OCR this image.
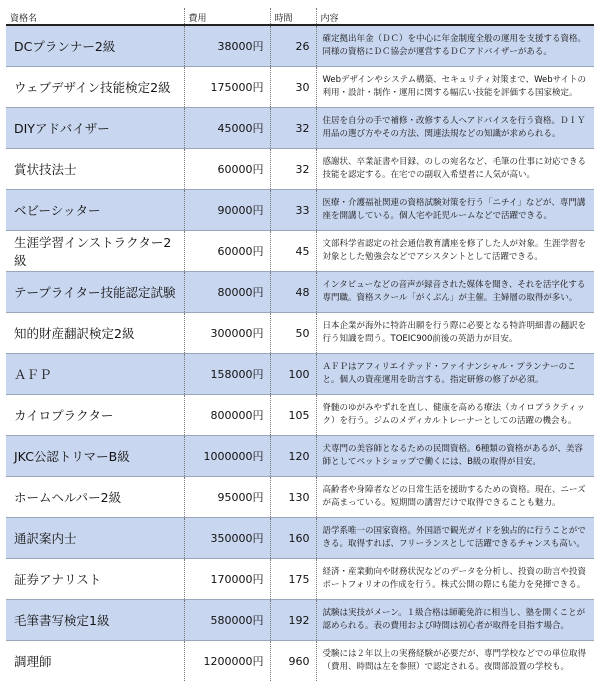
資格名	費用	時間	内容
DCプランナー2級	38000円	26	確定拠出年金（ＤＣ）を中心に年金制度全般の運用を支援する資格。同様の資格にＤＣ協会が運営するＤＣアドバイザーがある。
ウェブデザイン技能検定2級	175000円	30	Webデザインやシステム構築、セキュリティ対策まで、Webサイトの利用・設計・制作・運用に関する幅広い技能を評価する国家検定。
DIYアドバイザー	45000円	32	住居を自分の手で補修・改修する人へアドバイスを行う資格。ＤＩＹ用品の選び方やその方法、関連法規などの知識が求められる。
賞状技法士	60000円	32	感謝状、卒業証書や目録、のしの宛名など、毛筆の仕事に対応できる技能を認定する。在宅での副収入希望者に人気が高い。
ベビーシッター	90000円	33	医療・介護福祉関連の資格試験対策を行う「ニチイ」などが、専門講座を開講している。個人宅や託児ルームなどで活躍できる。
生涯学習インストラクター2級	60000円	45	文部科学省認定の社会通信教育講座を修了した人が対象。生涯学習を対象とした勉強会などでアシスタントとして活躍できる。
テープライター技能認定試験	80000円	48	インタビューなどの音声が録音された媒体を聞き、それを活字化する専門職。資格スクール「がくぶん」が主催。主婦層の取得が多い。
知的財産翻訳検定2級	300000円	50	日本企業が海外に特許出願を行う際に必要となる特許明細書の翻訳を行う知識を問う。TOEIC900前後の英語力が目安。
ＡＦＰ	158000円	100	ＡＦＰはアフィリエイテッド・ファイナンシャル・プランナーのこと。個人の資産運用を助言する。指定研修の修了が必須。
カイロプラクター	800000円	105	脊髄のゆがみやずれを直し、健康を高める療法（カイロプラクティック）を行う。ジムのメディカルトレーナーとしての活躍の機会も。
JKC公認トリマーB級	1000000円	120	犬専門の美容師となるための民間資格。6種類の資格があるが、美容師としてペットショップで働くには、B級の取得が目安。
ホームヘルパー2級	95000円	130	高齢者や身障者などの日常生活を援助するための資格。現在、ニーズが高まっている。短期間の講習だけで取得できることも魅力。
通訳案内士	350000円	160	語学系唯一の国家資格。外国語で観光ガイドを独占的に行うことができる。取得すれば、フリーランスとして活躍できるチャンスも高い。
証券アナリスト	170000円	175	経済・産業動向や財務状況などのデータを分析し、投資の助言や投資ポートフォリオの作成を行う。株式公開の際にも能力を発揮できる。
毛筆書写検定1級	580000円	192	試験は実技がメーン。１級合格は師範免許に相当し、塾を開くことが認められる。表の費用および時間は初心者が取得を目指す場合。
調理師	1200000円	960	受験には２年以上の実務経験が必要だが、専門学校などでの単位取得（費用、時間は左を参照）で認定される。夜間部設置の学校も。
